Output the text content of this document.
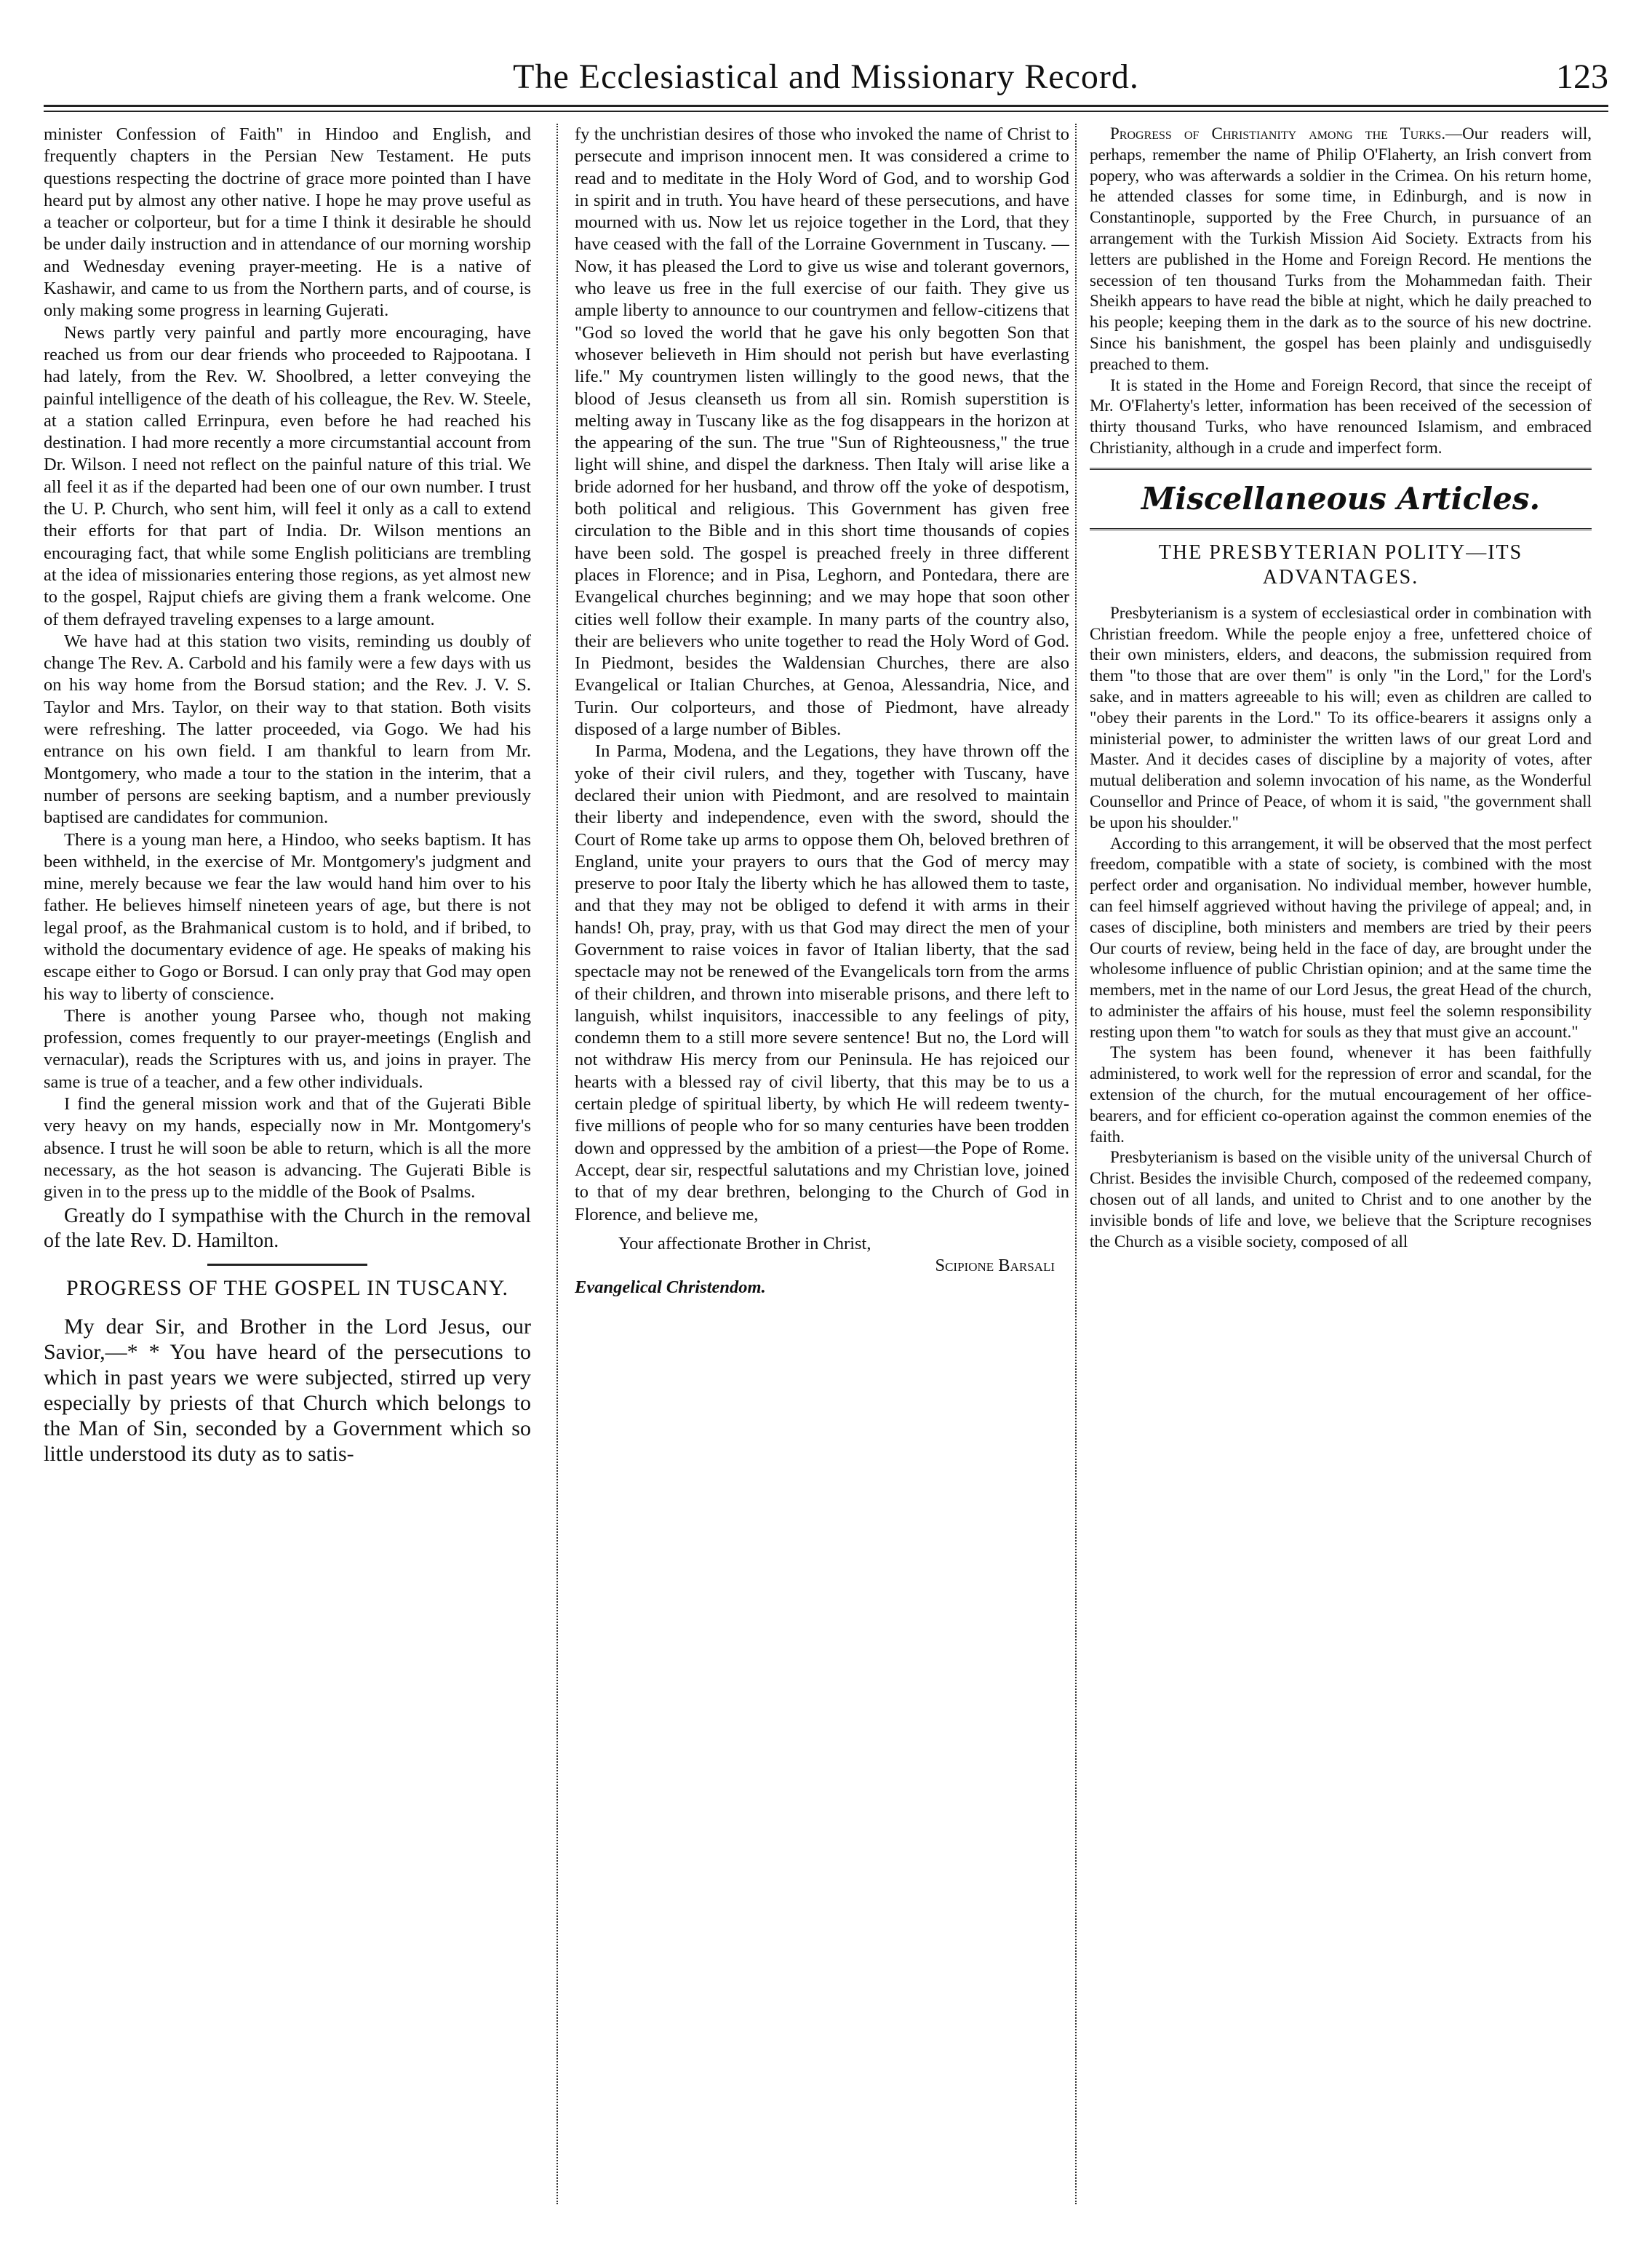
The Ecclesiastical and Missionary Record.	123

minister Confession of Faith" in Hindoo and English, and frequently chapters in the Persian New Testament. He puts questions respecting the doctrine of grace more pointed than I have heard put by almost any other native. I hope he may prove useful as a teacher or colporteur, but for a time I think it desirable he should be under daily instruction and in attendance of our morning worship and Wednesday evening prayer-meeting. He is a native of Kashawir, and came to us from the Northern parts, and of course, is only making some progress in learning Gujerati.

News partly very painful and partly more encouraging, have reached us from our dear friends who proceeded to Rajpootana. I had lately, from the Rev. W. Shoolbred, a letter conveying the painful intelligence of the death of his colleague, the Rev. W. Steele, at a station called Errinpura, even before he had reached his destination. I had more recently a more circumstantial account from Dr. Wilson. I need not reflect on the painful nature of this trial. We all feel it as if the departed had been one of our own number. I trust the U. P. Church, who sent him, will feel it only as a call to extend their efforts for that part of India. Dr. Wilson mentions an encouraging fact, that while some English politicians are trembling at the idea of missionaries entering those regions, as yet almost new to the gospel, Rajput chiefs are giving them a frank welcome. One of them defrayed traveling expenses to a large amount.

We have had at this station two visits, reminding us doubly of change The Rev. A. Carbold and his family were a few days with us on his way home from the Borsud station; and the Rev. J. V. S. Taylor and Mrs. Taylor, on their way to that station. Both visits were refreshing. The latter proceeded, via Gogo. We had his entrance on his own field. I am thankful to learn from Mr. Montgomery, who made a tour to the station in the interim, that a number of persons are seeking baptism, and a number previously baptised are candidates for communion.

There is a young man here, a Hindoo, who seeks baptism. It has been withheld, in the exercise of Mr. Montgomery's judgment and mine, merely because we fear the law would hand him over to his father. He believes himself nineteen years of age, but there is not legal proof, as the Brahmanical custom is to hold, and if bribed, to withold the documentary evidence of age. He speaks of making his escape either to Gogo or Borsud. I can only pray that God may open his way to liberty of conscience.

There is another young Parsee who, though not making profession, comes frequently to our prayer-meetings (English and vernacular), reads the Scriptures with us, and joins in prayer. The same is true of a teacher, and a few other individuals.

I find the general mission work and that of the Gujerati Bible very heavy on my hands, especially now in Mr. Montgomery's absence. I trust he will soon be able to return, which is all the more necessary, as the hot season is advancing. The Gujerati Bible is given in to the press up to the middle of the Book of Psalms.

Greatly do I sympathise with the Church in the removal of the late Rev. D. Hamilton.

PROGRESS OF THE GOSPEL IN TUSCANY.

My dear Sir, and Brother in the Lord Jesus, our Savior,—* * You have heard of the persecutions to which in past years we were subjected, stirred up very especially by priests of that Church which belongs to the Man of Sin, seconded by a Government which so little understood its duty as to satis-

fy the unchristian desires of those who invoked the name of Christ to persecute and imprison innocent men. It was considered a crime to read and to meditate in the Holy Word of God, and to worship God in spirit and in truth. You have heard of these persecutions, and have mourned with us. Now let us rejoice together in the Lord, that they have ceased with the fall of the Lorraine Government in Tuscany. —Now, it has pleased the Lord to give us wise and tolerant governors, who leave us free in the full exercise of our faith. They give us ample liberty to announce to our countrymen and fellow-citizens that "God so loved the world that he gave his only begotten Son that whosever believeth in Him should not perish but have everlasting life." My countrymen listen willingly to the good news, that the blood of Jesus cleanseth us from all sin. Romish superstition is melting away in Tuscany like as the fog disappears in the horizon at the appearing of the sun. The true "Sun of Righteousness," the true light will shine, and dispel the darkness. Then Italy will arise like a bride adorned for her husband, and throw off the yoke of despotism, both political and religious. This Government has given free circulation to the Bible and in this short time thousands of copies have been sold. The gospel is preached freely in three different places in Florence; and in Pisa, Leghorn, and Pontedara, there are Evangelical churches beginning; and we may hope that soon other cities well follow their example. In many parts of the country also, their are believers who unite together to read the Holy Word of God. In Piedmont, besides the Waldensian Churches, there are also Evangelical or Italian Churches, at Genoa, Alessandria, Nice, and Turin. Our colporteurs, and those of Piedmont, have already disposed of a large number of Bibles.

In Parma, Modena, and the Legations, they have thrown off the yoke of their civil rulers, and they, together with Tuscany, have declared their union with Piedmont, and are resolved to maintain their liberty and independence, even with the sword, should the Court of Rome take up arms to oppose them Oh, beloved brethren of England, unite your prayers to ours that the God of mercy may preserve to poor Italy the liberty which he has allowed them to taste, and that they may not be obliged to defend it with arms in their hands! Oh, pray, pray, with us that God may direct the men of your Government to raise voices in favor of Italian liberty, that the sad spectacle may not be renewed of the Evangelicals torn from the arms of their children, and thrown into miserable prisons, and there left to languish, whilst inquisitors, inaccessible to any feelings of pity, condemn them to a still more severe sentence! But no, the Lord will not withdraw His mercy from our Peninsula. He has rejoiced our hearts with a blessed ray of civil liberty, that this may be to us a certain pledge of spiritual liberty, by which He will redeem twenty-five millions of people who for so many centuries have been trodden down and oppressed by the ambition of a priest—the Pope of Rome. Accept, dear sir, respectful salutations and my Christian love, joined to that of my dear brethren, belonging to the Church of God in Florence, and believe me,

Your affectionate Brother in Christ,
Scipione Barsali
Evangelical Christendom.

Progress of Christianity among the Turks.—Our readers will, perhaps, remember the name of Philip O'Flaherty, an Irish convert from popery, who was afterwards a soldier in the Crimea. On his return home, he attended classes for some time, in Edinburgh, and is now in Constantinople, supported by the Free Church, in pursuance of an arrangement with the Turkish Mission Aid Society. Extracts from his letters are published in the Home and Foreign Record. He mentions the secession of ten thousand Turks from the Mohammedan faith. Their Sheikh appears to have read the bible at night, which he daily preached to his people; keeping them in the dark as to the source of his new doctrine. Since his banishment, the gospel has been plainly and undisguisedly preached to them.

It is stated in the Home and Foreign Record, that since the receipt of Mr. O'Flaherty's letter, information has been received of the secession of thirty thousand Turks, who have renounced Islamism, and embraced Christianity, although in a crude and imperfect form.

Miscellaneous Articles.
THE PRESBYTERIAN POLITY—ITS ADVANTAGES.

Presbyterianism is a system of ecclesiastical order in combination with Christian freedom. While the people enjoy a free, unfettered choice of their own ministers, elders, and deacons, the submission required from them "to those that are over them" is only "in the Lord," for the Lord's sake, and in matters agreeable to his will; even as children are called to "obey their parents in the Lord." To its office-bearers it assigns only a ministerial power, to administer the written laws of our great Lord and Master. And it decides cases of discipline by a majority of votes, after mutual deliberation and solemn invocation of his name, as the Wonderful Counsellor and Prince of Peace, of whom it is said, "the government shall be upon his shoulder."

According to this arrangement, it will be observed that the most perfect freedom, compatible with a state of society, is combined with the most perfect order and organisation. No individual member, however humble, can feel himself aggrieved without having the privilege of appeal; and, in cases of discipline, both ministers and members are tried by their peers Our courts of review, being held in the face of day, are brought under the wholesome influence of public Christian opinion; and at the same time the members, met in the name of our Lord Jesus, the great Head of the church, to administer the affairs of his house, must feel the solemn responsibility resting upon them "to watch for souls as they that must give an account."

The system has been found, whenever it has been faithfully administered, to work well for the repression of error and scandal, for the extension of the church, for the mutual encouragement of her office-bearers, and for efficient co-operation against the common enemies of the faith.

Presbyterianism is based on the visible unity of the universal Church of Christ. Besides the invisible Church, composed of the redeemed company, chosen out of all lands, and united to Christ and to one another by the invisible bonds of life and love, we believe that the Scripture recognises the Church as a visible society, composed of all
